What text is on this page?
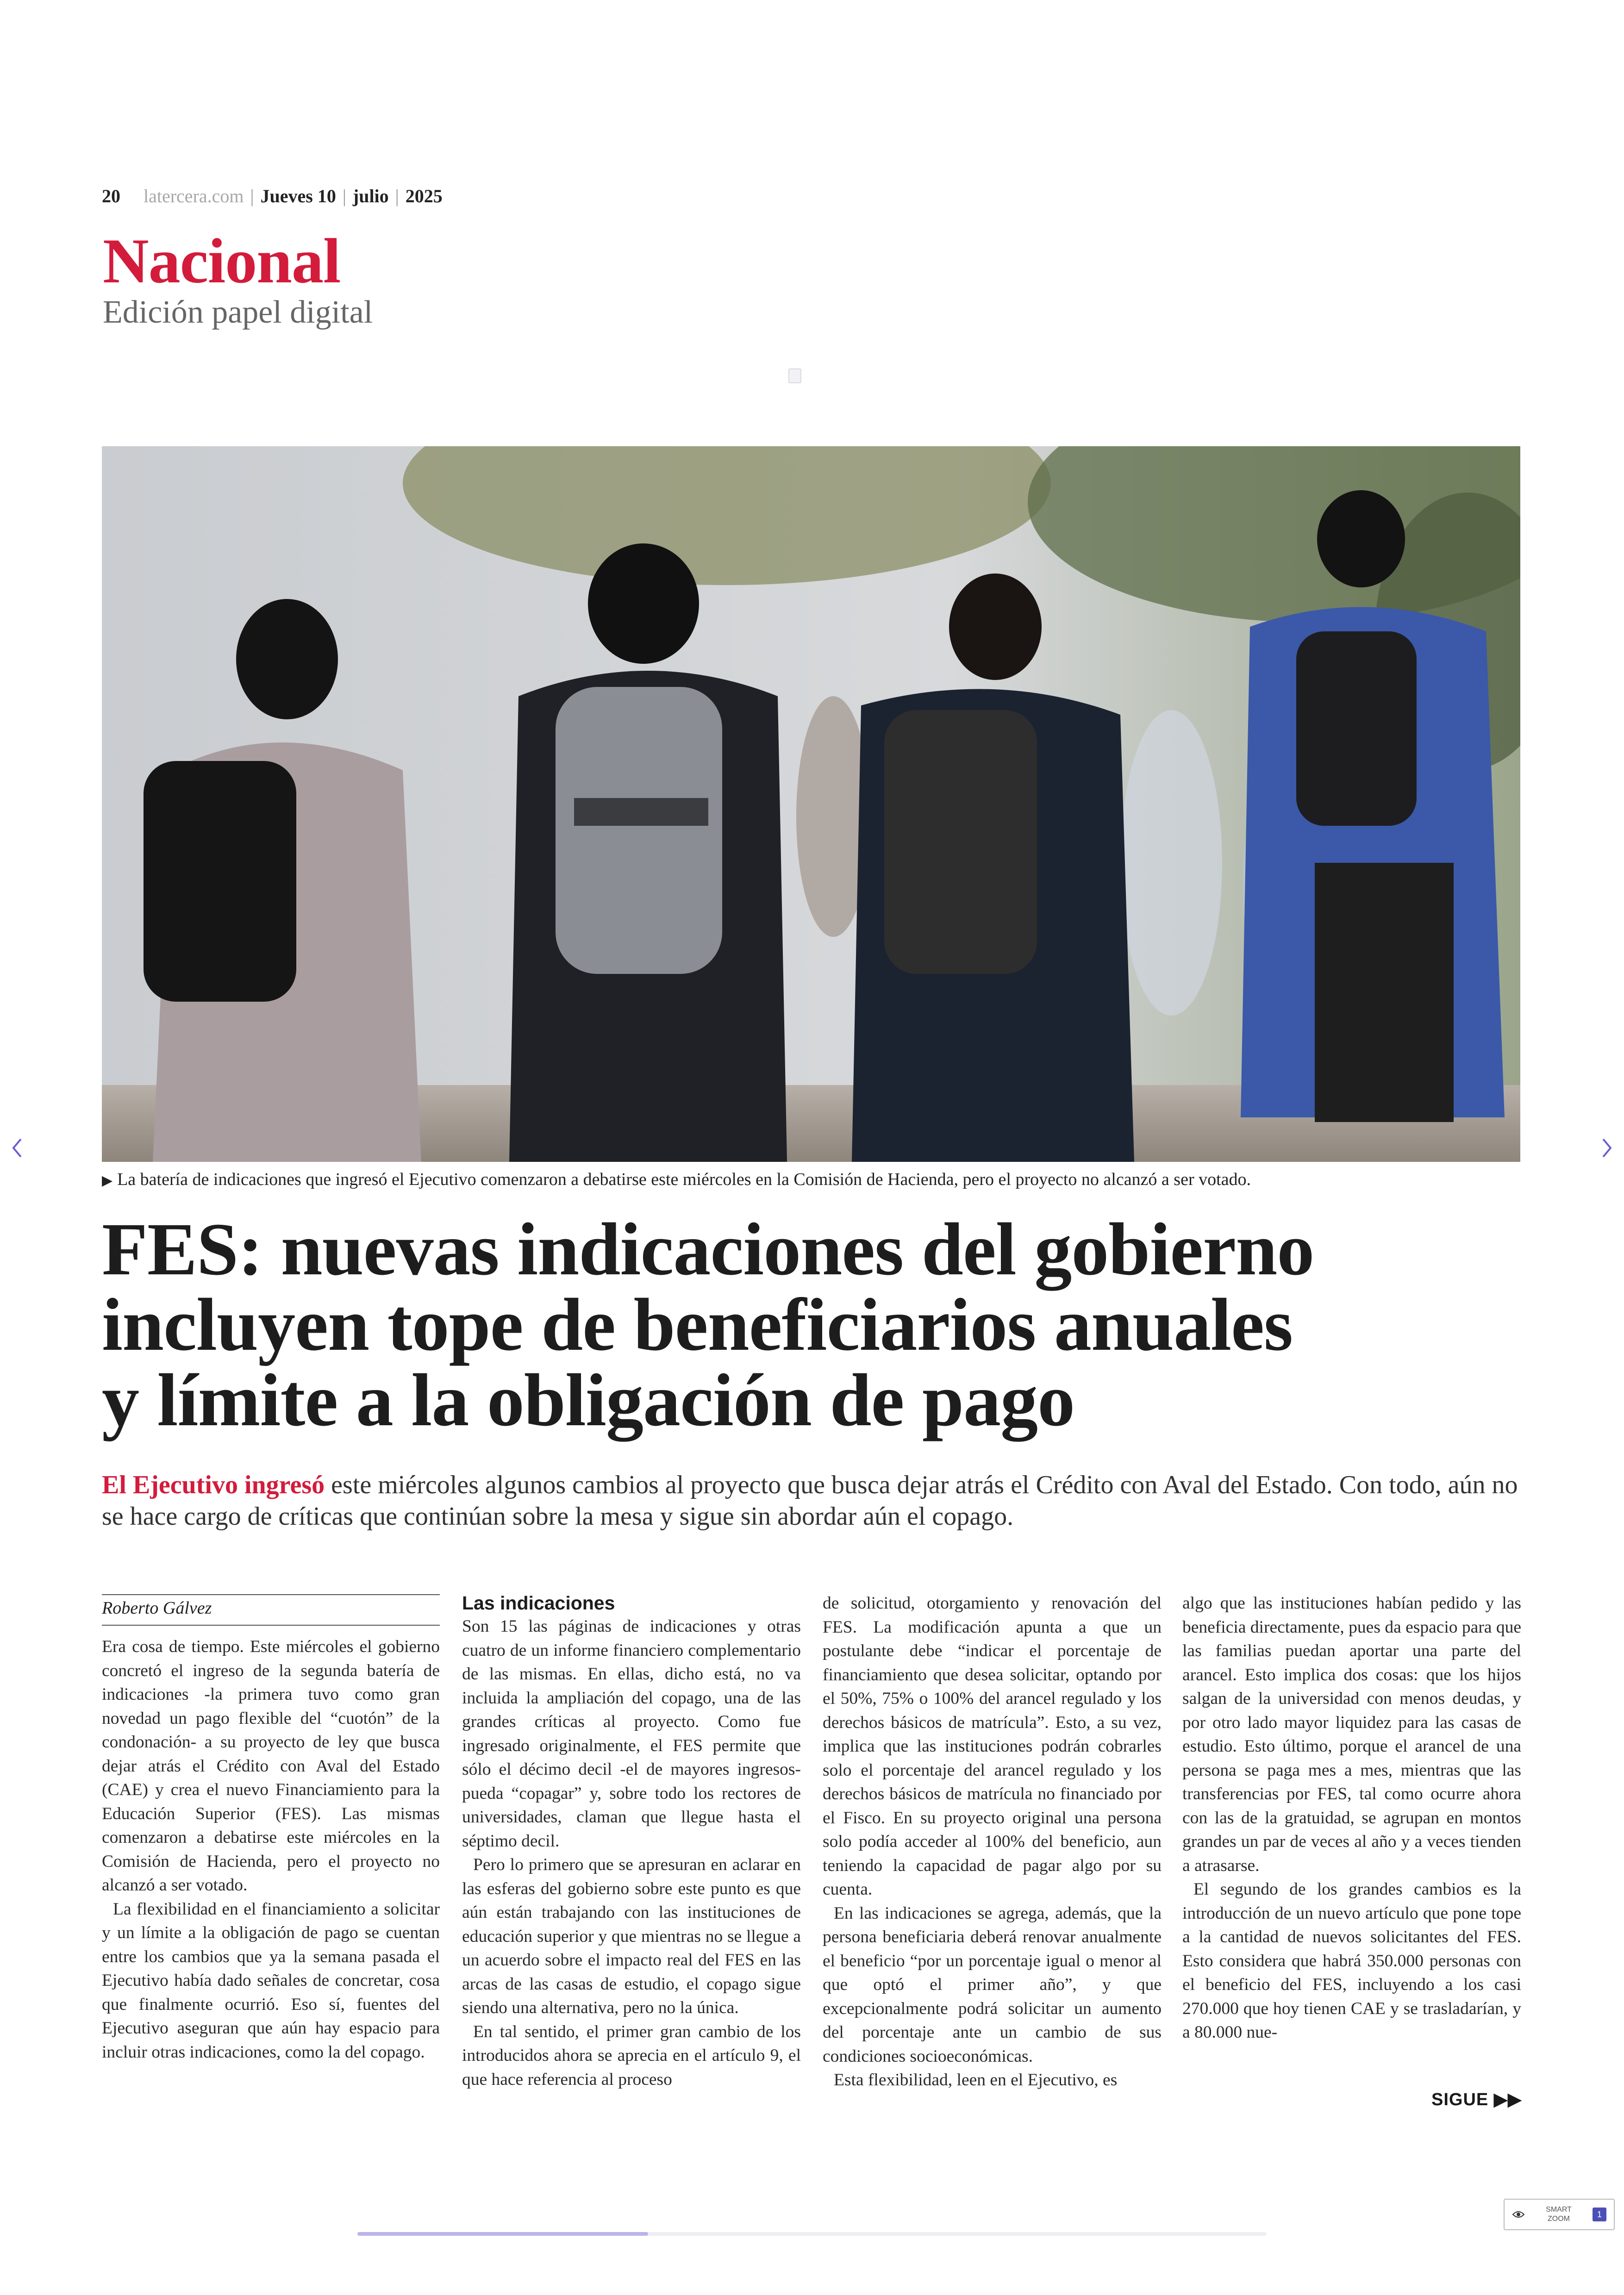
20 latercera.com | Jueves 10 | julio | 2025
Nacional
Edición papel digital
▶ La batería de indicaciones que ingresó el Ejecutivo comenzaron a debatirse este miércoles en la Comisión de Hacienda, pero el proyecto no alcanzó a ser votado.
FES: nuevas indicaciones del gobierno
incluyen tope de beneficiarios anuales
y límite a la obligación de pago
El Ejecutivo ingresó este miércoles algunos cambios al proyecto que busca dejar atrás el Crédito con Aval del Estado. Con todo, aún no se hace cargo de críticas que continúan sobre la mesa y sigue sin abordar aún el copago.
Roberto Gálvez

Era cosa de tiempo. Este miércoles el gobierno concretó el ingreso de la segunda batería de indicaciones -la primera tuvo como gran novedad un pago flexible del “cuotón” de la condonación- a su proyecto de ley que busca dejar atrás el Crédito con Aval del Estado (CAE) y crea el nuevo Financiamiento para la Educación Superior (FES). Las mismas comenzaron a debatirse este miércoles en la Comisión de Hacienda, pero el proyecto no alcanzó a ser votado.

La flexibilidad en el financiamiento a solicitar y un límite a la obligación de pago se cuentan entre los cambios que ya la semana pasada el Ejecutivo había dado señales de concretar, cosa que finalmente ocurrió. Eso sí, fuentes del Ejecutivo aseguran que aún hay espacio para incluir otras indicaciones, como la del copago.

Las indicaciones

Son 15 las páginas de indicaciones y otras cuatro de un informe financiero complementario de las mismas. En ellas, dicho está, no va incluida la ampliación del copago, una de las grandes críticas al proyecto. Como fue ingresado originalmente, el FES permite que sólo el décimo decil -el de mayores ingresos- pueda “copagar” y, sobre todo los rectores de universidades, claman que llegue hasta el séptimo decil.

Pero lo primero que se apresuran en aclarar en las esferas del gobierno sobre este punto es que aún están trabajando con las instituciones de educación superior y que mientras no se llegue a un acuerdo sobre el impacto real del FES en las arcas de las casas de estudio, el copago sigue siendo una alternativa, pero no la única.

En tal sentido, el primer gran cambio de los introducidos ahora se aprecia en el artículo 9, el que hace referencia al proceso

de solicitud, otorgamiento y renovación del FES. La modificación apunta a que un postulante debe “indicar el porcentaje de financiamiento que desea solicitar, optando por el 50%, 75% o 100% del arancel regulado y los derechos básicos de matrícula”. Esto, a su vez, implica que las instituciones podrán cobrarles solo el porcentaje del arancel regulado y los derechos básicos de matrícula no financiado por el Fisco. En su proyecto original una persona solo podía acceder al 100% del beneficio, aun teniendo la capacidad de pagar algo por su cuenta.

En las indicaciones se agrega, además, que la persona beneficiaria deberá renovar anualmente el beneficio “por un porcentaje igual o menor al que optó el primer año”, y que excepcionalmente podrá solicitar un aumento del porcentaje ante un cambio de sus condiciones socioeconómicas.

Esta flexibilidad, leen en el Ejecutivo, es

algo que las instituciones habían pedido y las beneficia directamente, pues da espacio para que las familias puedan aportar una parte del arancel. Esto implica dos cosas: que los hijos salgan de la universidad con menos deudas, y por otro lado mayor liquidez para las casas de estudio. Esto último, porque el arancel de una persona se paga mes a mes, mientras que las transferencias por FES, tal como ocurre ahora con las de la gratuidad, se agrupan en montos grandes un par de veces al año y a veces tienden a atrasarse.

El segundo de los grandes cambios es la introducción de un nuevo artículo que pone tope a la cantidad de nuevos solicitantes del FES. Esto considera que habrá 350.000 personas con el beneficio del FES, incluyendo a los casi 270.000 que hoy tienen CAE y se trasladarían, y a 80.000 nue-

SIGUE ▶▶
SMART
ZOOM	1
